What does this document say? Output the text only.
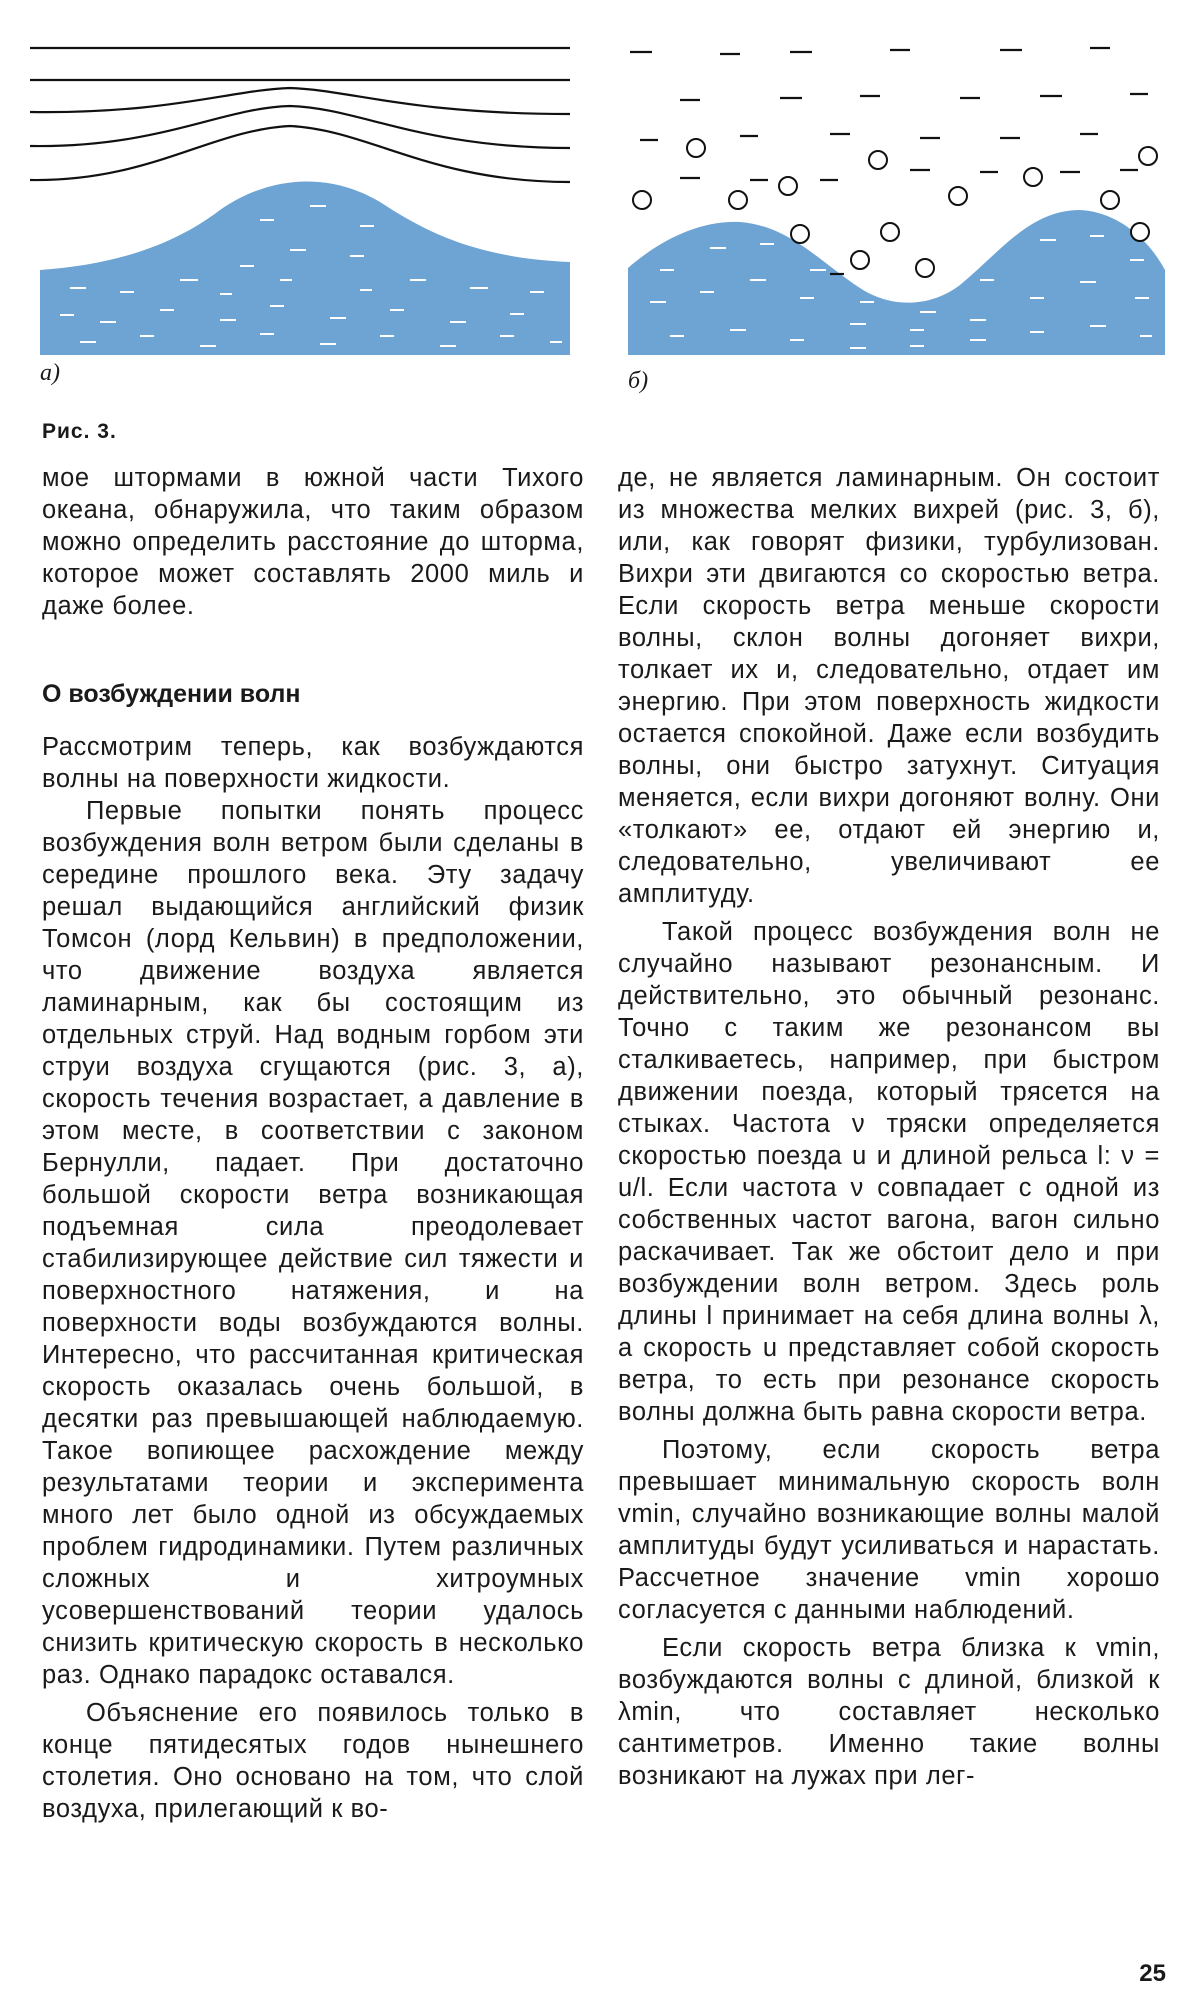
а)	б)
Рис. 3.

мое штормами в южной части Тихого океана, обнаружила, что таким образом можно определить расстояние до шторма, которое может составлять 2000 миль и даже более.

О возбуждении волн

Рассмотрим теперь, как возбуждаются волны на поверхности жидкости.

Первые попытки понять процесс возбуждения волн ветром были сделаны в середине прошлого века. Эту задачу решал выдающийся английский физик Томсон (лорд Кельвин) в предположении, что движение воздуха является ламинарным, как бы состоящим из отдельных струй. Над водным горбом эти струи воздуха сгущаются (рис. 3, а), скорость течения возрастает, а давление в этом месте, в соответствии с законом Бернулли, падает. При достаточно большой скорости ветра возникающая подъемная сила преодолевает стабилизирующее действие сил тяжести и поверхностного натяжения, и на поверхности воды возбуждаются волны. Интересно, что рассчитанная критическая скорость оказалась очень большой, в десятки раз превышающей наблюдаемую. Такое вопиющее расхождение между результатами теории и эксперимента много лет было одной из обсуждаемых проблем гидродинамики. Путем различных сложных и хитроумных усовершенствований теории удалось снизить критическую скорость в несколько раз. Однако парадокс оставался.

Объяснение его появилось только в конце пятидесятых годов нынешнего столетия. Оно основано на том, что слой воздуха, прилегающий к во-

де, не является ламинарным. Он состоит из множества мелких вихрей (рис. 3, б), или, как говорят физики, турбулизован. Вихри эти двигаются со скоростью ветра. Если скорость ветра меньше скорости волны, склон волны догоняет вихри, толкает их и, следовательно, отдает им энергию. При этом поверхность жидкости остается спокойной. Даже если возбудить волны, они быстро затухнут. Ситуация меняется, если вихри догоняют волну. Они «толкают» ее, отдают ей энергию и, следовательно, увеличивают ее амплитуду.

Такой процесс возбуждения волн не случайно называют резонансным. И действительно, это обычный резонанс. Точно с таким же резонансом вы сталкиваетесь, например, при быстром движении поезда, который трясется на стыках. Частота ν тряски определяется скоростью поезда u и длиной рельса l: ν = u/l. Если частота ν совпадает с одной из собственных частот вагона, вагон сильно раскачивает. Так же обстоит дело и при возбуждении волн ветром. Здесь роль длины l принимает на себя длина волны λ, а скорость u представляет собой скорость ветра, то есть при резонансе скорость волны должна быть равна скорости ветра.

Поэтому, если скорость ветра превышает минимальную скорость волн vmin, случайно возникающие волны малой амплитуды будут усиливаться и нарастать. Рассчетное значение vmin хорошо согласуется с данными наблюдений.

Если скорость ветра близка к vmin, возбуждаются волны с длиной, близкой к λmin, что составляет несколько сантиметров. Именно такие волны возникают на лужах при лег-

25
